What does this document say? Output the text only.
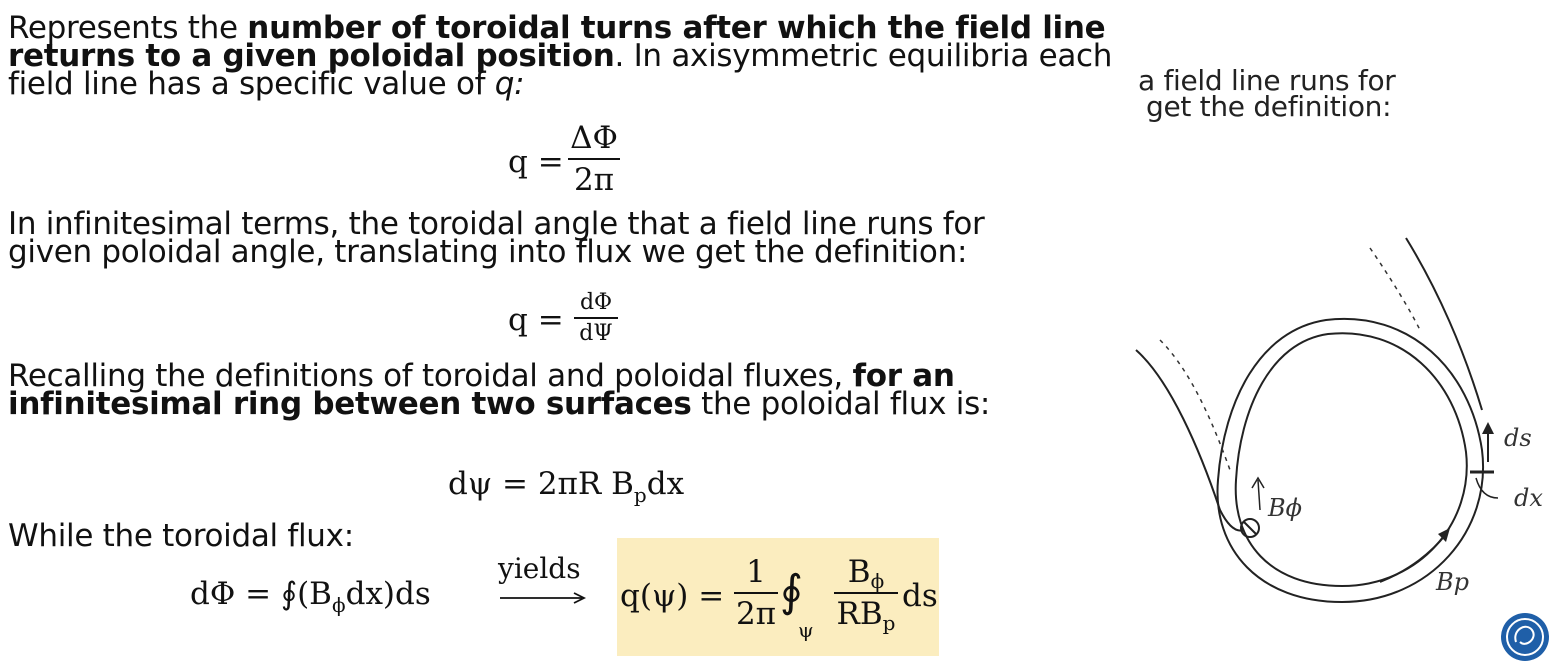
Represents the number of toroidal turns after which the field line
returns to a given poloidal position. In axisymmetric equilibria each
field line has a specific value of q:
q =
ΔΦ
2π
In infinitesimal terms, the toroidal angle that a field line runs for
given poloidal angle, translating into flux we get the definition:
q = dΦ
dΨ
Recalling the definitions of toroidal and poloidal fluxes, for an
infinitesimal ring between two surfaces the poloidal flux is:
dψ = 2πR $B_pdx$
While the toroidal flux:
$d\Phi = ∮(B_\phi dx)ds$
yields
q(ψ) =
1
2π ∮
ψ
Bϕ
RBp
ds
a field line runs for
get the definition:
Bϕ
ds
dx
Bp
